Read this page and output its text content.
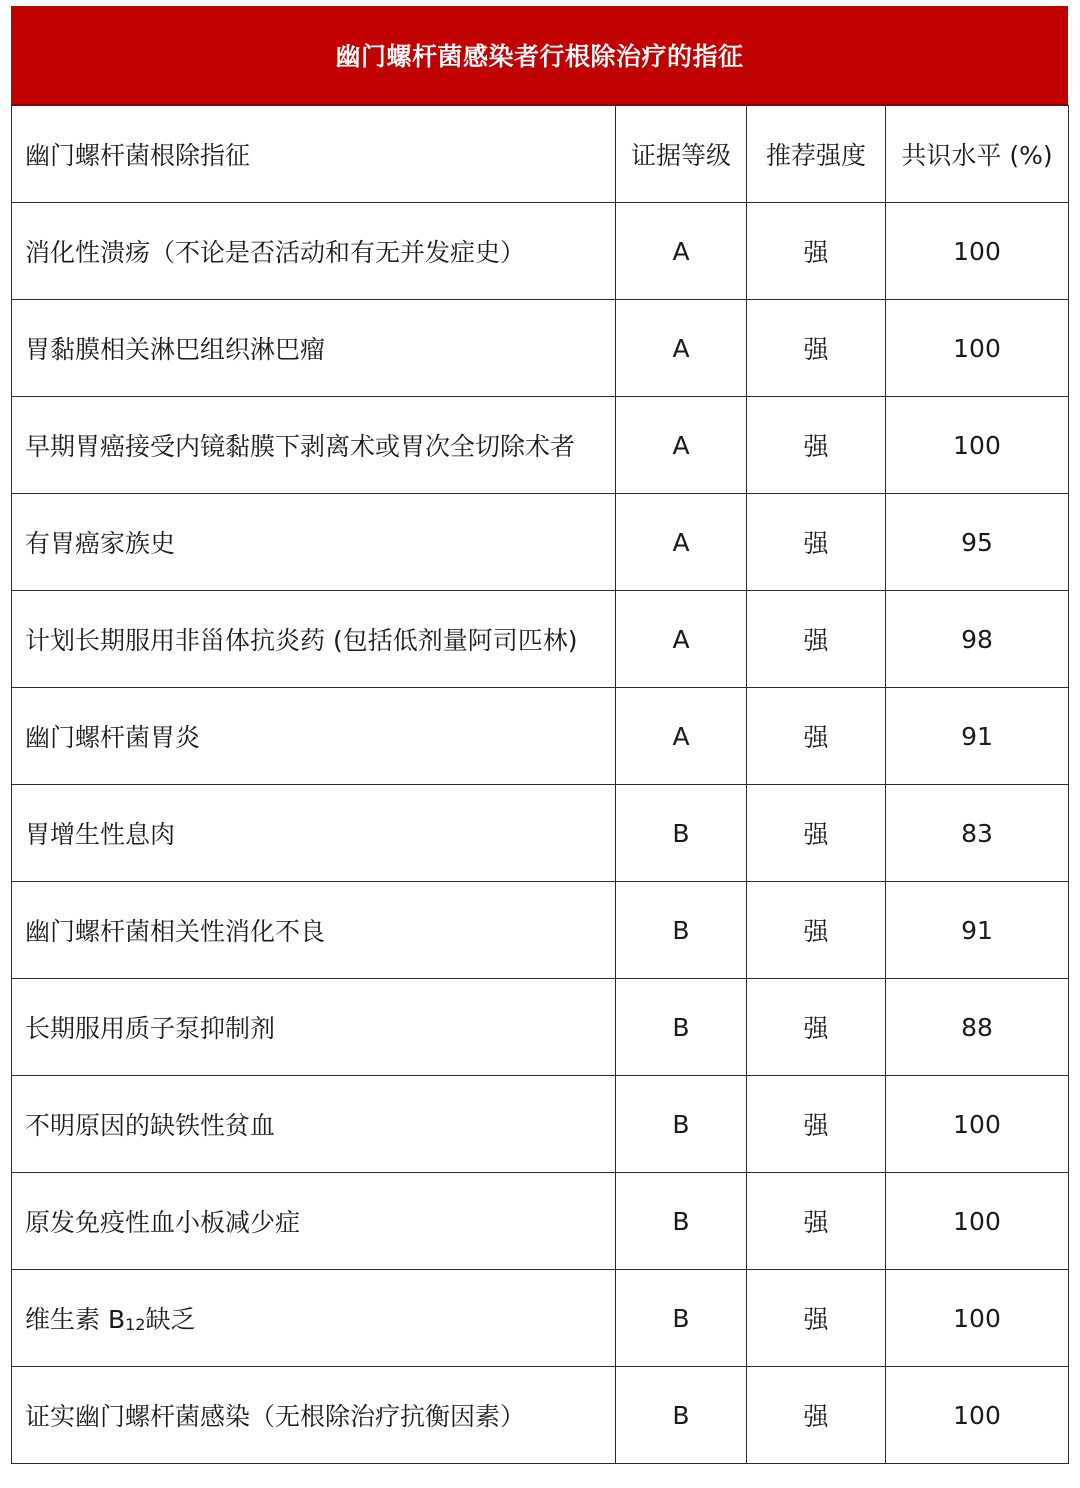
幽门螺杆菌感染者行根除治疗的指征
幽门螺杆菌根除指征	证据等级	推荐强度	共识水平 (%)
消化性溃疡（不论是否活动和有无并发症史）	A	强	100
胃黏膜相关淋巴组织淋巴瘤	A	强	100
早期胃癌接受内镜黏膜下剥离术或胃次全切除术者	A	强	100
有胃癌家族史	A	强	95
计划长期服用非甾体抗炎药 (包括低剂量阿司匹林)	A	强	98
幽门螺杆菌胃炎	A	强	91
胃增生性息肉	B	强	83
幽门螺杆菌相关性消化不良	B	强	91
长期服用质子泵抑制剂	B	强	88
不明原因的缺铁性贫血	B	强	100
原发免疫性血小板减少症	B	强	100
维生素 $B_{12}$缺乏	B	强	100
证实幽门螺杆菌感染（无根除治疗抗衡因素）	B	强	100
